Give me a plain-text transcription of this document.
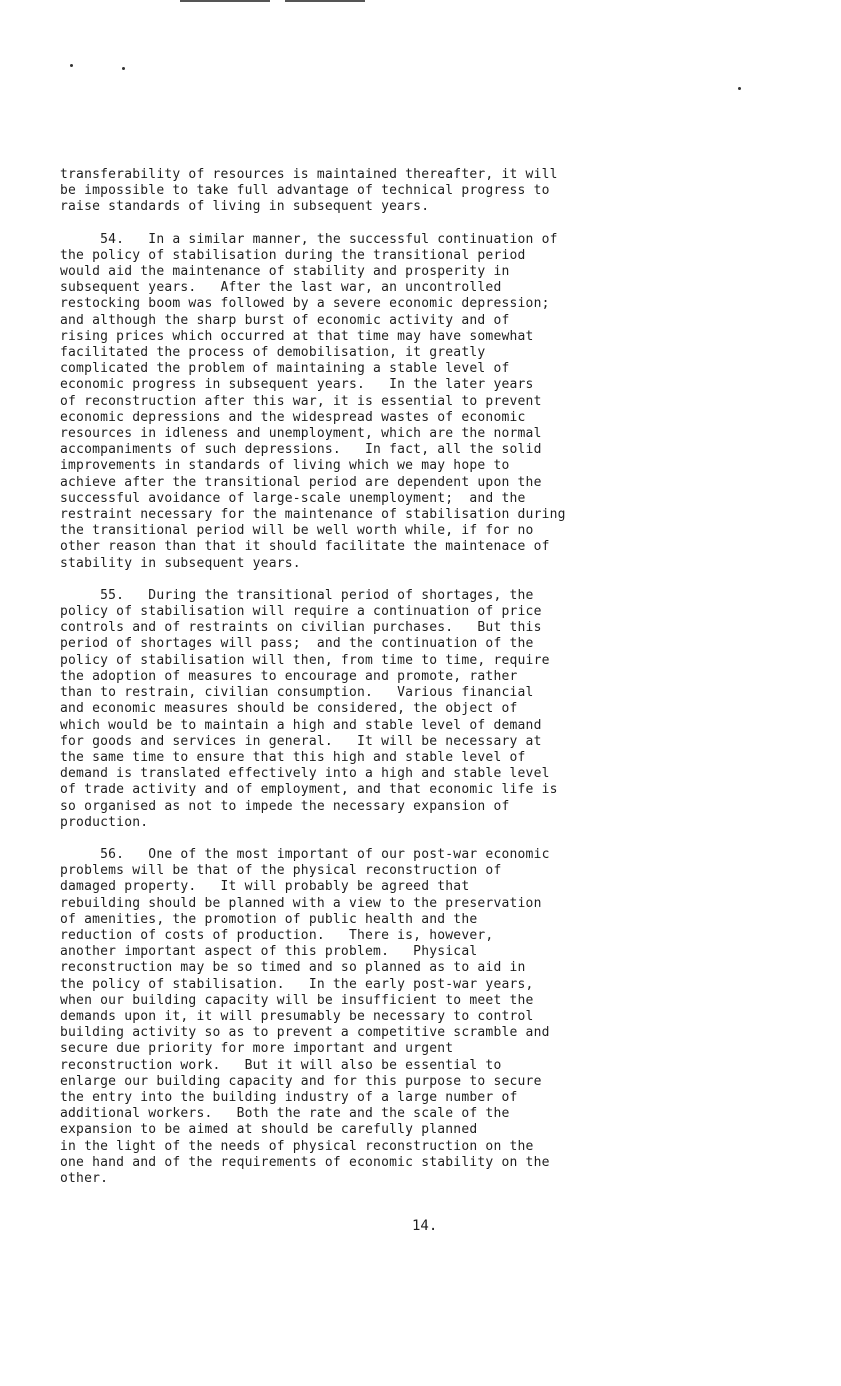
transferability of resources is maintained thereafter, it will
be impossible to take full advantage of technical progress to
raise standards of living in subsequent years.
54.   In a similar manner, the successful continuation of
the policy of stabilisation during the transitional period
would aid the maintenance of stability and prosperity in
subsequent years.   After the last war, an uncontrolled
restocking boom was followed by a severe economic depression;
and although the sharp burst of economic activity and of
rising prices which occurred at that time may have somewhat
facilitated the process of demobilisation, it greatly
complicated the problem of maintaining a stable level of
economic progress in subsequent years.   In the later years
of reconstruction after this war, it is essential to prevent
economic depressions and the widespread wastes of economic
resources in idleness and unemployment, which are the normal
accompaniments of such depressions.   In fact, all the solid
improvements in standards of living which we may hope to
achieve after the transitional period are dependent upon the
successful avoidance of large-scale unemployment;  and the
restraint necessary for the maintenance of stabilisation during
the transitional period will be well worth while, if for no
other reason than that it should facilitate the maintenace of
stability in subsequent years.
55.   During the transitional period of shortages, the
policy of stabilisation will require a continuation of price
controls and of restraints on civilian purchases.   But this
period of shortages will pass;  and the continuation of the
policy of stabilisation will then, from time to time, require
the adoption of measures to encourage and promote, rather
than to restrain, civilian consumption.   Various financial
and economic measures should be considered, the object of
which would be to maintain a high and stable level of demand
for goods and services in general.   It will be necessary at
the same time to ensure that this high and stable level of
demand is translated effectively into a high and stable level
of trade activity and of employment, and that economic life is
so organised as not to impede the necessary expansion of
production.
56.   One of the most important of our post-war economic
problems will be that of the physical reconstruction of
damaged property.   It will probably be agreed that
rebuilding should be planned with a view to the preservation
of amenities, the promotion of public health and the
reduction of costs of production.   There is, however,
another important aspect of this problem.   Physical
reconstruction may be so timed and so planned as to aid in
the policy of stabilisation.   In the early post-war years,
when our building capacity will be insufficient to meet the
demands upon it, it will presumably be necessary to control
building activity so as to prevent a competitive scramble and
secure due priority for more important and urgent
reconstruction work.   But it will also be essential to
enlarge our building capacity and for this purpose to secure
the entry into the building industry of a large number of
additional workers.   Both the rate and the scale of the
expansion to be aimed at should be carefully planned
in the light of the needs of physical reconstruction on the
one hand and of the requirements of economic stability on the
other.
14.
